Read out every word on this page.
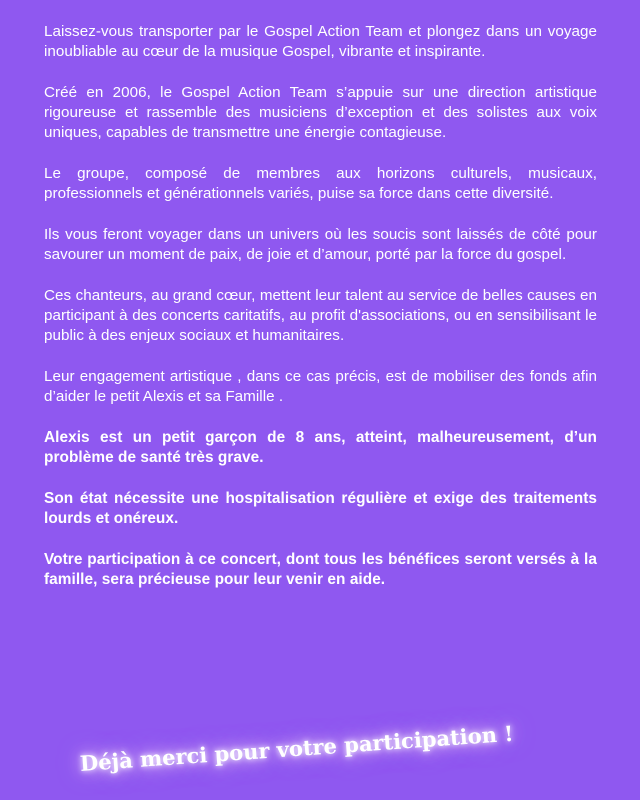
Laissez-vous transporter par le Gospel Action Team et plongez dans un voyage inoubliable au cœur de la musique Gospel, vibrante et inspirante.

Créé en 2006, le Gospel Action Team s’appuie sur une direction artistique rigoureuse et rassemble des musiciens d’exception et des solistes aux voix uniques, capables de transmettre une énergie contagieuse.

Le groupe, composé de membres aux horizons culturels, musicaux, professionnels et générationnels variés, puise sa force dans cette diversité.

Ils vous feront voyager dans un univers où les soucis sont laissés de côté pour savourer un moment de paix, de joie et d’amour, porté par la force du gospel.

Ces chanteurs, au grand cœur, mettent leur talent au service de belles causes en participant à des concerts caritatifs, au profit d'associations, ou en sensibilisant le public à des enjeux sociaux et humanitaires.

Leur engagement artistique , dans ce cas précis, est de mobiliser des fonds afin d’aider le petit Alexis et sa Famille .

Alexis est un petit garçon de 8 ans, atteint, malheureusement, d’un problème de santé très grave.

Son état nécessite une hospitalisation régulière et exige des traitements lourds et onéreux.

Votre participation à ce concert, dont tous les bénéfices seront versés à la famille, sera précieuse pour leur venir en aide.

Déjà merci pour votre participation !
